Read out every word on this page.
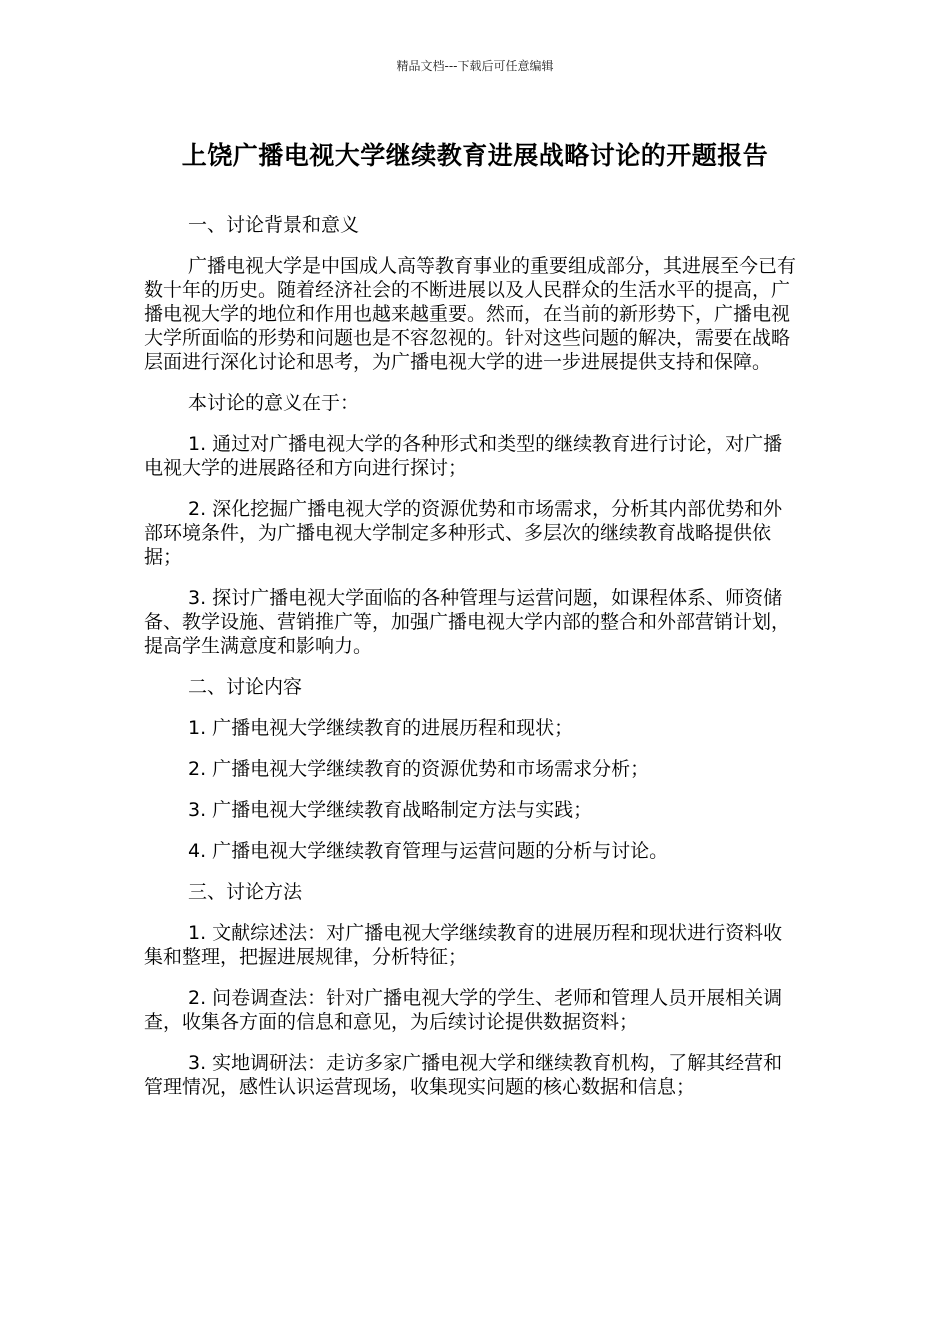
精品文档---下载后可任意编辑
上饶广播电视大学继续教育进展战略讨论的开题报告

一、讨论背景和意义

广播电视大学是中国成人高等教育事业的重要组成部分，其进展至今已有数十年的历史。随着经济社会的不断进展以及人民群众的生活水平的提高，广播电视大学的地位和作用也越来越重要。然而，在当前的新形势下，广播电视大学所面临的形势和问题也是不容忽视的。针对这些问题的解决，需要在战略层面进行深化讨论和思考，为广播电视大学的进一步进展提供支持和保障。

本讨论的意义在于：

1. 通过对广播电视大学的各种形式和类型的继续教育进行讨论，对广播电视大学的进展路径和方向进行探讨；

2. 深化挖掘广播电视大学的资源优势和市场需求，分析其内部优势和外部环境条件，为广播电视大学制定多种形式、多层次的继续教育战略提供依据；

3. 探讨广播电视大学面临的各种管理与运营问题，如课程体系、师资储备、教学设施、营销推广等，加强广播电视大学内部的整合和外部营销计划，提高学生满意度和影响力。

二、讨论内容

1. 广播电视大学继续教育的进展历程和现状；

2. 广播电视大学继续教育的资源优势和市场需求分析；

3. 广播电视大学继续教育战略制定方法与实践；

4. 广播电视大学继续教育管理与运营问题的分析与讨论。

三、讨论方法

1. 文献综述法：对广播电视大学继续教育的进展历程和现状进行资料收集和整理，把握进展规律，分析特征；

2. 问卷调查法：针对广播电视大学的学生、老师和管理人员开展相关调查，收集各方面的信息和意见，为后续讨论提供数据资料；

3. 实地调研法：走访多家广播电视大学和继续教育机构，了解其经营和管理情况，感性认识运营现场，收集现实问题的核心数据和信息；
